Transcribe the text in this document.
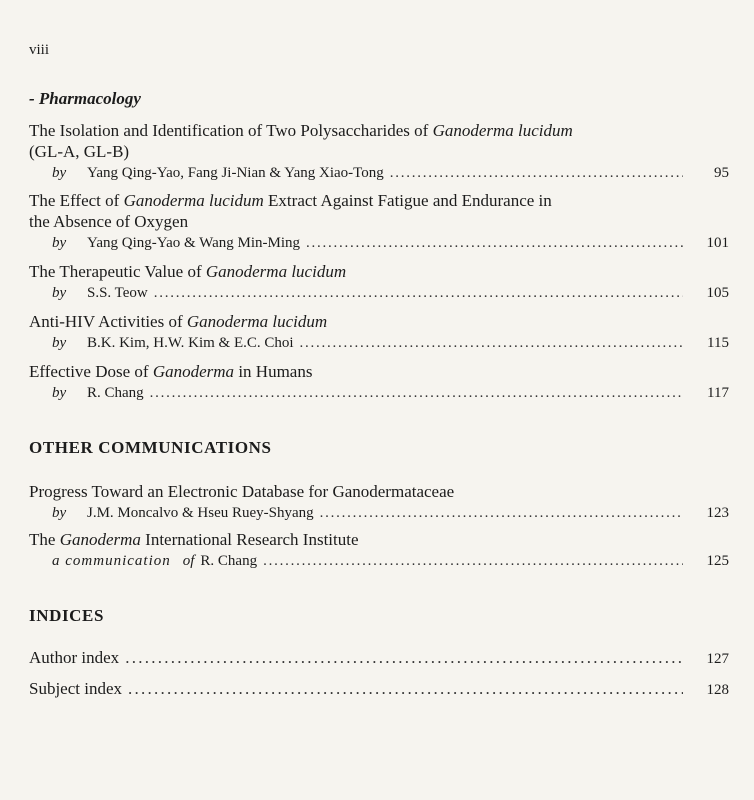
viii
- Pharmacology
The Isolation and Identification of Two Polysaccharides of Ganoderma lucidum
(GL-A, GL-B)
by	Yang Qing-Yao, Fang Ji-Nian & Yang Xiao-Tong . . .	95
The Effect of Ganoderma lucidum Extract Against Fatigue and Endurance in
the Absence of Oxygen
by	Yang Qing-Yao & Wang Min-Ming . . .	101
The Therapeutic Value of Ganoderma lucidum
by	S.S. Teow . . .	105
Anti-HIV Activities of Ganoderma lucidum
by	B.K. Kim, H.W. Kim & E.C. Choi . . .	115
Effective Dose of Ganoderma in Humans
by	R. Chang . . .	117
OTHER COMMUNICATIONS
Progress Toward an Electronic Database for Ganodermataceae
by	J.M. Moncalvo & Hseu Ruey-Shyang . . .	123
The Ganoderma International Research Institute
a communication of R. Chang . . .	125
INDICES
Author index . . .	127
Subject index . . .	128
